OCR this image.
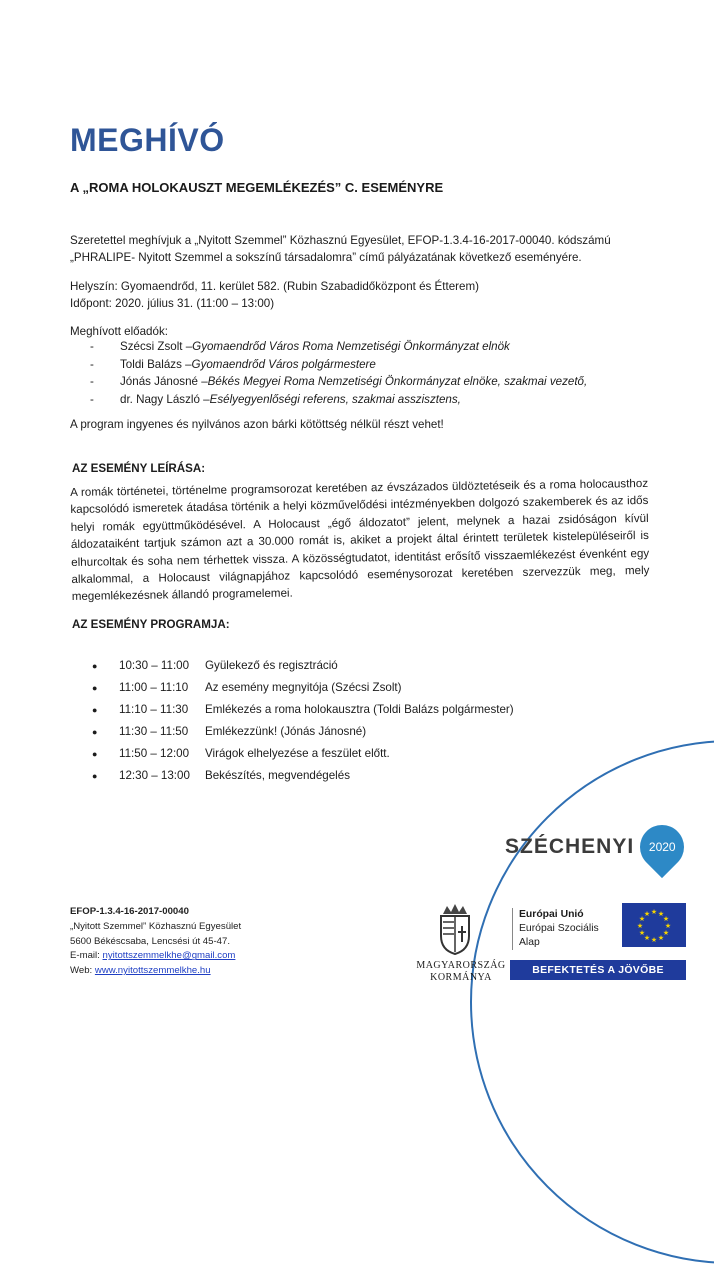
MEGHÍVÓ
A „ROMA HOLOKAUSZT MEGEMLÉKEZÉS” C. ESEMÉNYRE
Szeretettel meghívjuk a „Nyitott Szemmel” Közhasznú Egyesület, EFOP-1.3.4-16-2017-00040. kódszámú „PHRALIPE- Nyitott Szemmel a sokszínű társadalomra” című pályázatának következő eseményére.
Helyszín: Gyomaendrőd, 11. kerület 582. (Rubin Szabadidőközpont és Étterem)
Időpont: 2020. július 31. (11:00 – 13:00)
Meghívott előadók:
-	Szécsi Zsolt – Gyomaendrőd Város Roma Nemzetiségi Önkormányzat elnök
-	Toldi Balázs – Gyomaendrőd Város polgármestere
-	Jónás Jánosné – Békés Megyei Roma Nemzetiségi Önkormányzat elnöke, szakmai vezető,
-	dr. Nagy László – Esélyegyenlőségi referens, szakmai asszisztens,
A program ingyenes és nyilvános azon bárki kötöttség nélkül részt vehet!
AZ ESEMÉNY LEÍRÁSA:
A romák történetei, történelme programsorozat keretében az évszázados üldöztetéseik és a roma holocausthoz kapcsolódó ismeretek átadása történik a helyi közművelődési intézményekben dolgozó szakemberek és az idős helyi romák együttműködésével. A Holocaust „égő áldozatot” jelent, melynek a hazai zsidóságon kívül áldozataiként tartjuk számon azt a 30.000 romát is, akiket a projekt által érintett területek kistelepüléseiről is elhurcoltak és soha nem térhettek vissza. A közösségtudatot, identitást erősítő visszaemlékezést évenként egy alkalommal, a Holocaust világnapjához kapcsolódó eseménysorozat keretében szervezzük meg, mely megemlékezésnek állandó programelemei.
AZ ESEMÉNY PROGRAMJA:
●	10:30 – 11:00	Gyülekező és regisztráció
●	11:00 – 11:10	Az esemény megnyitója (Szécsi Zsolt)
●	11:10 – 11:30	Emlékezés a roma holokausztra (Toldi Balázs polgármester)
●	11:30 – 11:50	Emlékezzünk! (Jónás Jánosné)
●	11:50 – 12:00	Virágok elhelyezése a feszület előtt.
●	12:30 – 13:00	Bekészítés, megvendégelés
SZÉCHENYI 2020
EFOP-1.3.4-16-2017-00040
„Nyitott Szemmel” Közhasznú Egyesület
5600 Békéscsaba, Lencsési út 45-47.
E-mail: nyitottszemmelkhe@gmail.com
Web: www.nyitottszemmelkhe.hu	MAGYARORSZÁG
KORMÁNYA
Európai Unió
Európai Szociális
Alap
★ ★
★
★
★
★
★
★
★
★
★
★
BEFEKTETÉS A JÖVŐBE
